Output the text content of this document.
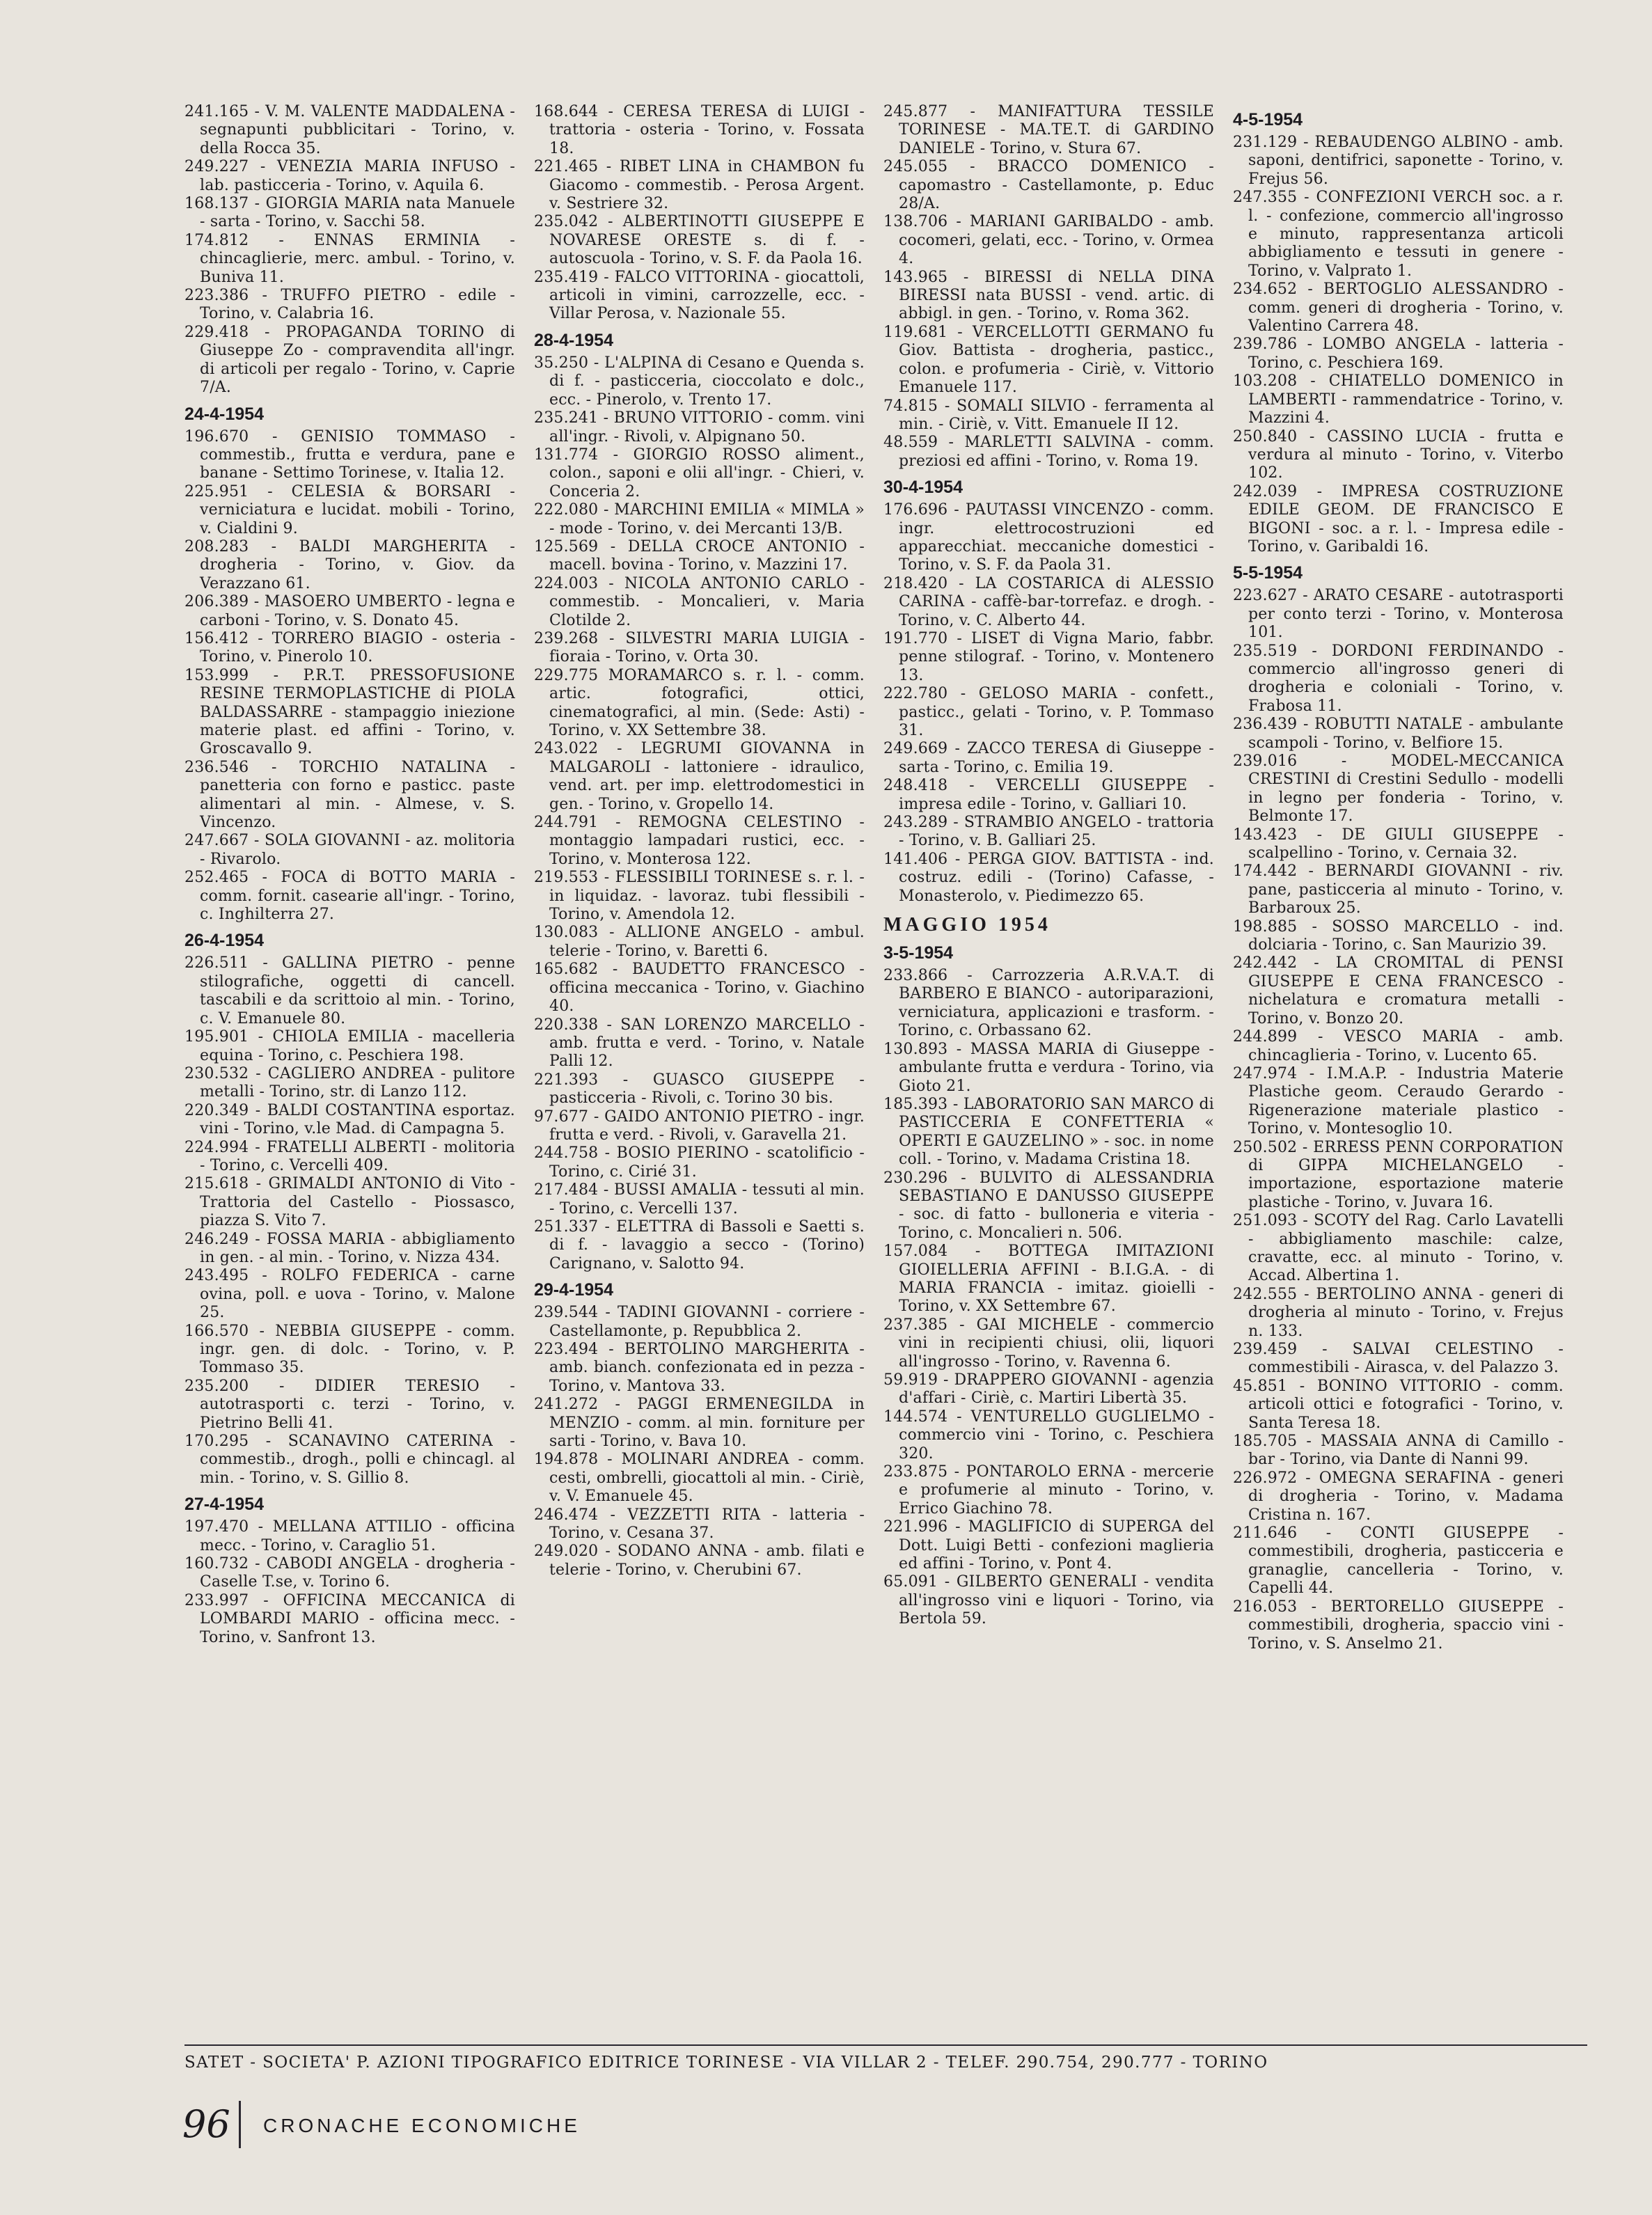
241.165 - V. M. VALENTE MADDALENA - segnapunti pubblicitari - Torino, v. della Rocca 35.
249.227 - VENEZIA MARIA INFUSO - lab. pasticceria - Torino, v. Aquila 6.
168.137 - GIORGIA MARIA nata Manuele - sarta - Torino, v. Sacchi 58.
174.812 - ENNAS ERMINIA - chincaglierie, merc. ambul. - Torino, v. Buniva 11.
223.386 - TRUFFO PIETRO - edile - Torino, v. Calabria 16.
229.418 - PROPAGANDA TORINO di Giuseppe Zo - compravendita all'ingr. di articoli per regalo - Torino, v. Caprie 7/A.
24-4-1954
196.670 - GENISIO TOMMASO - commestib., frutta e verdura, pane e banane - Settimo Torinese, v. Italia 12.
225.951 - CELESIA & BORSARI - verniciatura e lucidat. mobili - Torino, v. Cialdini 9.
208.283 - BALDI MARGHERITA - drogheria - Torino, v. Giov. da Verazzano 61.
206.389 - MASOERO UMBERTO - legna e carboni - Torino, v. S. Donato 45.
156.412 - TORRERO BIAGIO - osteria - Torino, v. Pinerolo 10.
153.999 - P.R.T. PRESSOFUSIONE RESINE TERMOPLASTICHE di PIOLA BALDASSARRE - stampaggio iniezione materie plast. ed affini - Torino, v. Groscavallo 9.
236.546 - TORCHIO NATALINA - panetteria con forno e pasticc. paste alimentari al min. - Almese, v. S. Vincenzo.
247.667 - SOLA GIOVANNI - az. molitoria - Rivarolo.
252.465 - FOCA di BOTTO MARIA - comm. fornit. casearie all'ingr. - Torino, c. Inghilterra 27.
26-4-1954
226.511 - GALLINA PIETRO - penne stilografiche, oggetti di cancell. tascabili e da scrittoio al min. - Torino, c. V. Emanuele 80.
195.901 - CHIOLA EMILIA - macelleria equina - Torino, c. Peschiera 198.
230.532 - CAGLIERO ANDREA - pulitore metalli - Torino, str. di Lanzo 112.
220.349 - BALDI COSTANTINA esportaz. vini - Torino, v.le Mad. di Campagna 5.
224.994 - FRATELLI ALBERTI - molitoria - Torino, c. Vercelli 409.
215.618 - GRIMALDI ANTONIO di Vito - Trattoria del Castello - Piossasco, piazza S. Vito 7.
246.249 - FOSSA MARIA - abbigliamento in gen. - al min. - Torino, v. Nizza 434.
243.495 - ROLFO FEDERICA - carne ovina, poll. e uova - Torino, v. Malone 25.
166.570 - NEBBIA GIUSEPPE - comm. ingr. gen. di dolc. - Torino, v. P. Tommaso 35.
235.200 - DIDIER TERESIO - autotrasporti c. terzi - Torino, v. Pietrino Belli 41.
170.295 - SCANAVINO CATERINA - commestib., drogh., polli e chincagl. al min. - Torino, v. S. Gillio 8.
27-4-1954
197.470 - MELLANA ATTILIO - officina mecc. - Torino, v. Caraglio 51.
160.732 - CABODI ANGELA - drogheria - Caselle T.se, v. Torino 6.
233.997 - OFFICINA MECCANICA di LOMBARDI MARIO - officina mecc. - Torino, v. Sanfront 13.
168.644 - CERESA TERESA di LUIGI - trattoria - osteria - Torino, v. Fossata 18.
221.465 - RIBET LINA in CHAMBON fu Giacomo - commestib. - Perosa Argent. v. Sestriere 32.
235.042 - ALBERTINOTTI GIUSEPPE E NOVARESE ORESTE s. di f. - autoscuola - Torino, v. S. F. da Paola 16.
235.419 - FALCO VITTORINA - giocattoli, articoli in vimini, carrozzelle, ecc. - Villar Perosa, v. Nazionale 55.
28-4-1954
35.250 - L'ALPINA di Cesano e Quenda s. di f. - pasticceria, cioccolato e dolc., ecc. - Pinerolo, v. Trento 17.
235.241 - BRUNO VITTORIO - comm. vini all'ingr. - Rivoli, v. Alpignano 50.
131.774 - GIORGIO ROSSO aliment., colon., saponi e olii all'ingr. - Chieri, v. Conceria 2.
222.080 - MARCHINI EMILIA « MIMLA » - mode - Torino, v. dei Mercanti 13/B.
125.569 - DELLA CROCE ANTONIO - macell. bovina - Torino, v. Mazzini 17.
224.003 - NICOLA ANTONIO CARLO - commestib. - Moncalieri, v. Maria Clotilde 2.
239.268 - SILVESTRI MARIA LUIGIA - fioraia - Torino, v. Orta 30.
229.775 MORAMARCO s. r. l. - comm. artic. fotografici, ottici, cinematografici, al min. (Sede: Asti) - Torino, v. XX Settembre 38.
243.022 - LEGRUMI GIOVANNA in MALGAROLI - lattoniere - idraulico, vend. art. per imp. elettrodomestici in gen. - Torino, v. Gropello 14.
244.791 - REMOGNA CELESTINO - montaggio lampadari rustici, ecc. - Torino, v. Monterosa 122.
219.553 - FLESSIBILI TORINESE s. r. l. - in liquidaz. - lavoraz. tubi flessibili - Torino, v. Amendola 12.
130.083 - ALLIONE ANGELO - ambul. telerie - Torino, v. Baretti 6.
165.682 - BAUDETTO FRANCESCO - officina meccanica - Torino, v. Giachino 40.
220.338 - SAN LORENZO MARCELLO - amb. frutta e verd. - Torino, v. Natale Palli 12.
221.393 - GUASCO GIUSEPPE - pasticceria - Rivoli, c. Torino 30 bis.
97.677 - GAIDO ANTONIO PIETRO - ingr. frutta e verd. - Rivoli, v. Garavella 21.
244.758 - BOSIO PIERINO - scatolificio - Torino, c. Cirié 31.
217.484 - BUSSI AMALIA - tessuti al min. - Torino, c. Vercelli 137.
251.337 - ELETTRA di Bassoli e Saetti s. di f. - lavaggio a secco - (Torino) Carignano, v. Salotto 94.
29-4-1954
239.544 - TADINI GIOVANNI - corriere - Castellamonte, p. Repubblica 2.
223.494 - BERTOLINO MARGHERITA - amb. bianch. confezionata ed in pezza - Torino, v. Mantova 33.
241.272 - PAGGI ERMENEGILDA in MENZIO - comm. al min. forniture per sarti - Torino, v. Bava 10.
194.878 - MOLINARI ANDREA - comm. cesti, ombrelli, giocattoli al min. - Ciriè, v. V. Emanuele 45.
246.474 - VEZZETTI RITA - latteria - Torino, v. Cesana 37.
249.020 - SODANO ANNA - amb. filati e telerie - Torino, v. Cherubini 67.
245.877 - MANIFATTURA TESSILE TORINESE - MA.TE.T. di GARDINO DANIELE - Torino, v. Stura 67.
245.055 - BRACCO DOMENICO - capomastro - Castellamonte, p. Educ 28/A.
138.706 - MARIANI GARIBALDO - amb. cocomeri, gelati, ecc. - Torino, v. Ormea 4.
143.965 - BIRESSI di NELLA DINA BIRESSI nata BUSSI - vend. artic. di abbigl. in gen. - Torino, v. Roma 362.
119.681 - VERCELLOTTI GERMANO fu Giov. Battista - drogheria, pasticc., colon. e profumeria - Ciriè, v. Vittorio Emanuele 117.
74.815 - SOMALI SILVIO - ferramenta al min. - Ciriè, v. Vitt. Emanuele II 12.
48.559 - MARLETTI SALVINA - comm. preziosi ed affini - Torino, v. Roma 19.
30-4-1954
176.696 - PAUTASSI VINCENZO - comm. ingr. elettrocostruzioni ed apparecchiat. meccaniche domestici - Torino, v. S. F. da Paola 31.
218.420 - LA COSTARICA di ALESSIO CARINA - caffè-bar-torrefaz. e drogh. - Torino, v. C. Alberto 44.
191.770 - LISET di Vigna Mario, fabbr. penne stilograf. - Torino, v. Montenero 13.
222.780 - GELOSO MARIA - confett., pasticc., gelati - Torino, v. P. Tommaso 31.
249.669 - ZACCO TERESA di Giuseppe - sarta - Torino, c. Emilia 19.
248.418 - VERCELLI GIUSEPPE - impresa edile - Torino, v. Galliari 10.
243.289 - STRAMBIO ANGELO - trattoria - Torino, v. B. Galliari 25.
141.406 - PERGA GIOV. BATTISTA - ind. costruz. edili - (Torino) Cafasse, - Monasterolo, v. Piedimezzo 65.
MAGGIO 1954
3-5-1954
233.866 - Carrozzeria A.R.V.A.T. di BARBERO E BIANCO - autoriparazioni, verniciatura, applicazioni e trasform. - Torino, c. Orbassano 62.
130.893 - MASSA MARIA di Giuseppe - ambulante frutta e verdura - Torino, via Gioto 21.
185.393 - LABORATORIO SAN MARCO di PASTICCERIA E CONFETTERIA « OPERTI E GAUZELINO » - soc. in nome coll. - Torino, v. Madama Cristina 18.
230.296 - BULVITO di ALESSANDRIA SEBASTIANO E DANUSSO GIUSEPPE - soc. di fatto - bulloneria e viteria - Torino, c. Moncalieri n. 506.
157.084 - BOTTEGA IMITAZIONI GIOIELLERIA AFFINI - B.I.G.A. - di MARIA FRANCIA - imitaz. gioielli - Torino, v. XX Settembre 67.
237.385 - GAI MICHELE - commercio vini in recipienti chiusi, olii, liquori all'ingrosso - Torino, v. Ravenna 6.
59.919 - DRAPPERO GIOVANNI - agenzia d'affari - Ciriè, c. Martiri Libertà 35.
144.574 - VENTURELLO GUGLIELMO - commercio vini - Torino, c. Peschiera 320.
233.875 - PONTAROLO ERNA - mercerie e profumerie al minuto - Torino, v. Errico Giachino 78.
221.996 - MAGLIFICIO di SUPERGA del Dott. Luigi Betti - confezioni maglieria ed affini - Torino, v. Pont 4.
65.091 - GILBERTO GENERALI - vendita all'ingrosso vini e liquori - Torino, via Bertola 59.
4-5-1954
231.129 - REBAUDENGO ALBINO - amb. saponi, dentifrici, saponette - Torino, v. Frejus 56.
247.355 - CONFEZIONI VERCH soc. a r. l. - confezione, commercio all'ingrosso e minuto, rappresentanza articoli abbigliamento e tessuti in genere - Torino, v. Valprato 1.
234.652 - BERTOGLIO ALESSANDRO - comm. generi di drogheria - Torino, v. Valentino Carrera 48.
239.786 - LOMBO ANGELA - latteria - Torino, c. Peschiera 169.
103.208 - CHIATELLO DOMENICO in LAMBERTI - rammendatrice - Torino, v. Mazzini 4.
250.840 - CASSINO LUCIA - frutta e verdura al minuto - Torino, v. Viterbo 102.
242.039 - IMPRESA COSTRUZIONE EDILE GEOM. DE FRANCISCO E BIGONI - soc. a r. l. - Impresa edile - Torino, v. Garibaldi 16.
5-5-1954
223.627 - ARATO CESARE - autotrasporti per conto terzi - Torino, v. Monterosa 101.
235.519 - DORDONI FERDINANDO - commercio all'ingrosso generi di drogheria e coloniali - Torino, v. Frabosa 11.
236.439 - ROBUTTI NATALE - ambulante scampoli - Torino, v. Belfiore 15.
239.016 - MODEL-MECCANICA CRESTINI di Crestini Sedullo - modelli in legno per fonderia - Torino, v. Belmonte 17.
143.423 - DE GIULI GIUSEPPE - scalpellino - Torino, v. Cernaia 32.
174.442 - BERNARDI GIOVANNI - riv. pane, pasticceria al minuto - Torino, v. Barbaroux 25.
198.885 - SOSSO MARCELLO - ind. dolciaria - Torino, c. San Maurizio 39.
242.442 - LA CROMITAL di PENSI GIUSEPPE E CENA FRANCESCO - nichelatura e cromatura metalli - Torino, v. Bonzo 20.
244.899 - VESCO MARIA - amb. chincaglieria - Torino, v. Lucento 65.
247.974 - I.M.A.P. - Industria Materie Plastiche geom. Ceraudo Gerardo - Rigenerazione materiale plastico - Torino, v. Montesoglio 10.
250.502 - ERRESS PENN CORPORATION di GIPPA MICHELANGELO - importazione, esportazione materie plastiche - Torino, v. Juvara 16.
251.093 - SCOTY del Rag. Carlo Lavatelli - abbigliamento maschile: calze, cravatte, ecc. al minuto - Torino, v. Accad. Albertina 1.
242.555 - BERTOLINO ANNA - generi di drogheria al minuto - Torino, v. Frejus n. 133.
239.459 - SALVAI CELESTINO - commestibili - Airasca, v. del Palazzo 3.
45.851 - BONINO VITTORIO - comm. articoli ottici e fotografici - Torino, v. Santa Teresa 18.
185.705 - MASSAIA ANNA di Camillo - bar - Torino, via Dante di Nanni 99.
226.972 - OMEGNA SERAFINA - generi di drogheria - Torino, v. Madama Cristina n. 167.
211.646 - CONTI GIUSEPPE - commestibili, drogheria, pasticceria e granaglie, cancelleria - Torino, v. Capelli 44.
216.053 - BERTORELLO GIUSEPPE - commestibili, drogheria, spaccio vini - Torino, v. S. Anselmo 21.
SATET - SOCIETA' P. AZIONI TIPOGRAFICO EDITRICE TORINESE - VIA VILLAR 2 - TELEF. 290.754, 290.777 - TORINO
96 CRONACHE ECONOMICHE
